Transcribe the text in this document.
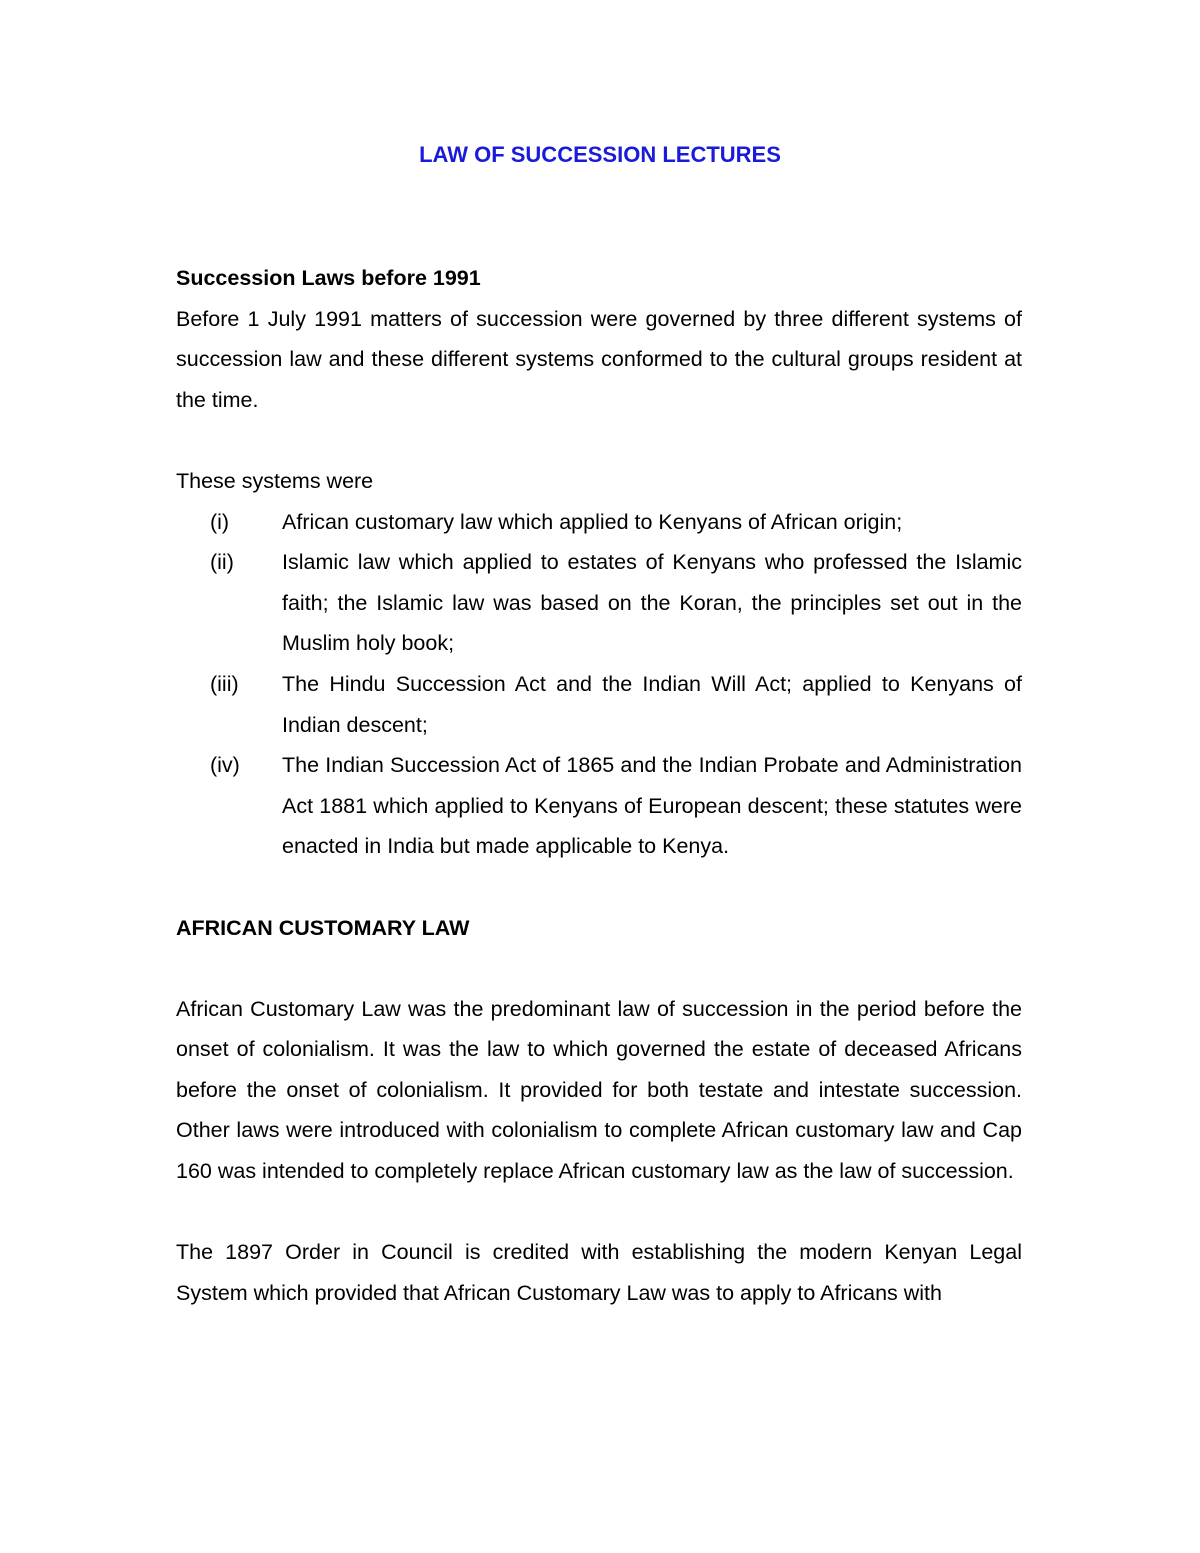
LAW OF SUCCESSION LECTURES

Succession Laws before 1991

Before 1 July 1991 matters of succession were governed by three different systems of succession law and these different systems conformed to the cultural groups resident at the time.

These systems were

(i)	African customary law which applied to Kenyans of African origin;
(ii)	Islamic law which applied to estates of Kenyans who professed the Islamic faith; the Islamic law was based on the Koran, the principles set out in the Muslim holy book;
(iii)	The Hindu Succession Act and the Indian Will Act; applied to Kenyans of Indian descent;
(iv)	The Indian Succession Act of 1865 and the Indian Probate and Administration Act 1881 which applied to Kenyans of European descent; these statutes were enacted in India but made applicable to Kenya.

AFRICAN CUSTOMARY LAW

African Customary Law was the predominant law of succession in the period before the onset of colonialism. It was the law to which governed the estate of deceased Africans before the onset of colonialism. It provided for both testate and intestate succession. Other laws were introduced with colonialism to complete African customary law and Cap 160 was intended to completely replace African customary law as the law of succession.

The 1897 Order in Council is credited with establishing the modern Kenyan Legal System which provided that African Customary Law was to apply to Africans with
